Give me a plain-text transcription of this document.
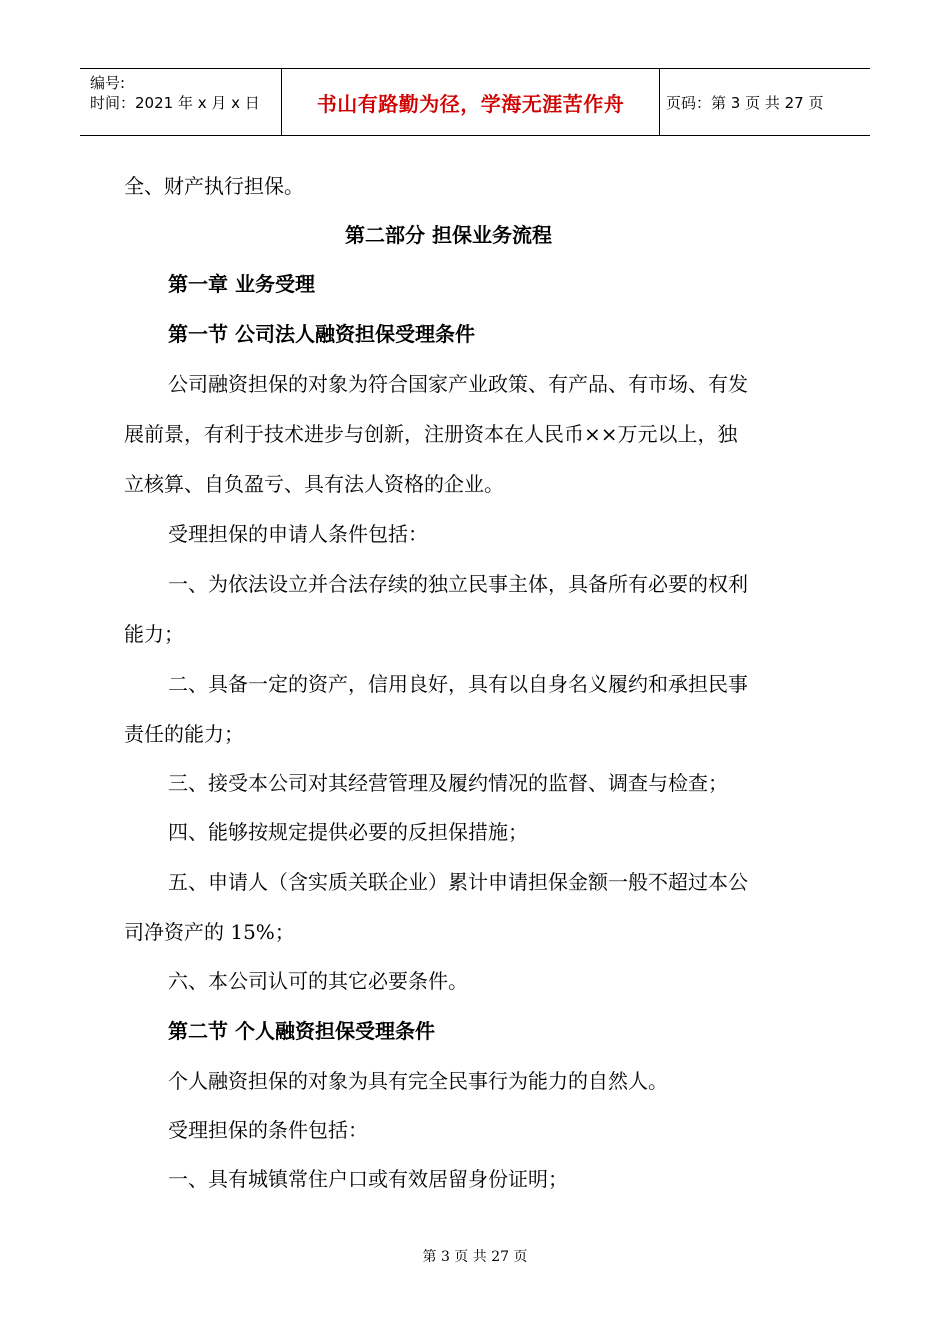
编号:
时间：2021 年 x 月 x 日	书山有路勤为径，学海无涯苦作舟	页码：第 3 页 共 27 页
全、财产执行担保。
第二部分 担保业务流程
第一章 业务受理
第一节 公司法人融资担保受理条件
公司融资担保的对象为符合国家产业政策、有产品、有市场、有发
展前景，有利于技术进步与创新，注册资本在人民币××万元以上，独
立核算、自负盈亏、具有法人资格的企业。
受理担保的申请人条件包括：
一、为依法设立并合法存续的独立民事主体，具备所有必要的权利
能力；
二、具备一定的资产，信用良好，具有以自身名义履约和承担民事
责任的能力；
三、接受本公司对其经营管理及履约情况的监督、调查与检查；
四、能够按规定提供必要的反担保措施；
五、申请人（含实质关联企业）累计申请担保金额一般不超过本公
司净资产的 15%；
六、本公司认可的其它必要条件。
第二节 个人融资担保受理条件
个人融资担保的对象为具有完全民事行为能力的自然人。
受理担保的条件包括：
一、具有城镇常住户口或有效居留身份证明；
第 3 页 共 27 页
